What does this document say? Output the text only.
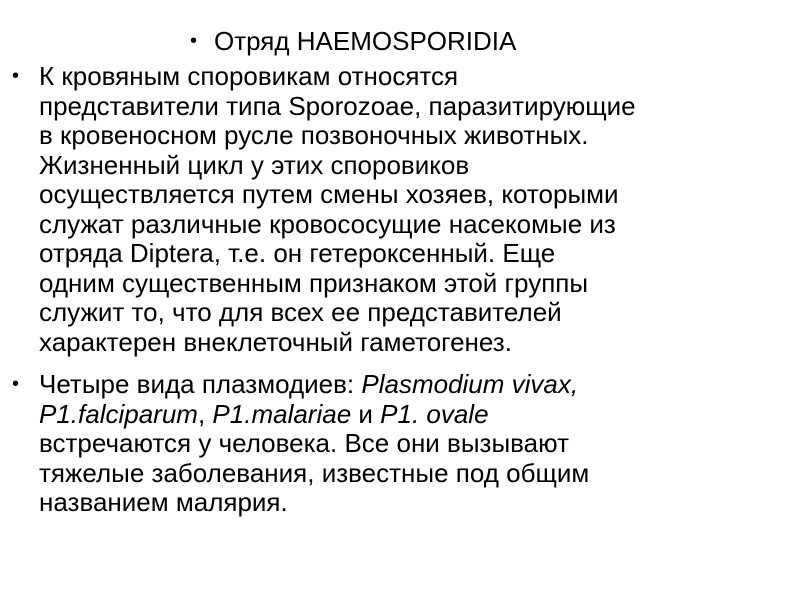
• Отряд HAEMOSPORIDIA
• К кровяным споровикам относятся
представители типа Sporozoae, паразитирующие
в кровеносном русле позвоночных животных.
Жизненный цикл у этих споровиков
осуществляется путем смены хозяев, которыми
служат различные кровососущие насекомые из
отряда Diptera, т.е. он гетероксенный. Еще
одним существенным признаком этой группы
служит то, что для всех ее представителей
характерен внеклеточный гаметогенез.
• Четыре вида плазмодиев: Plasmodium vivax,
P1.falciparum, P1.malariae и P1. ovale
встречаются у человека. Все они вызывают
тяжелые заболевания, известные под общим
названием малярия.
